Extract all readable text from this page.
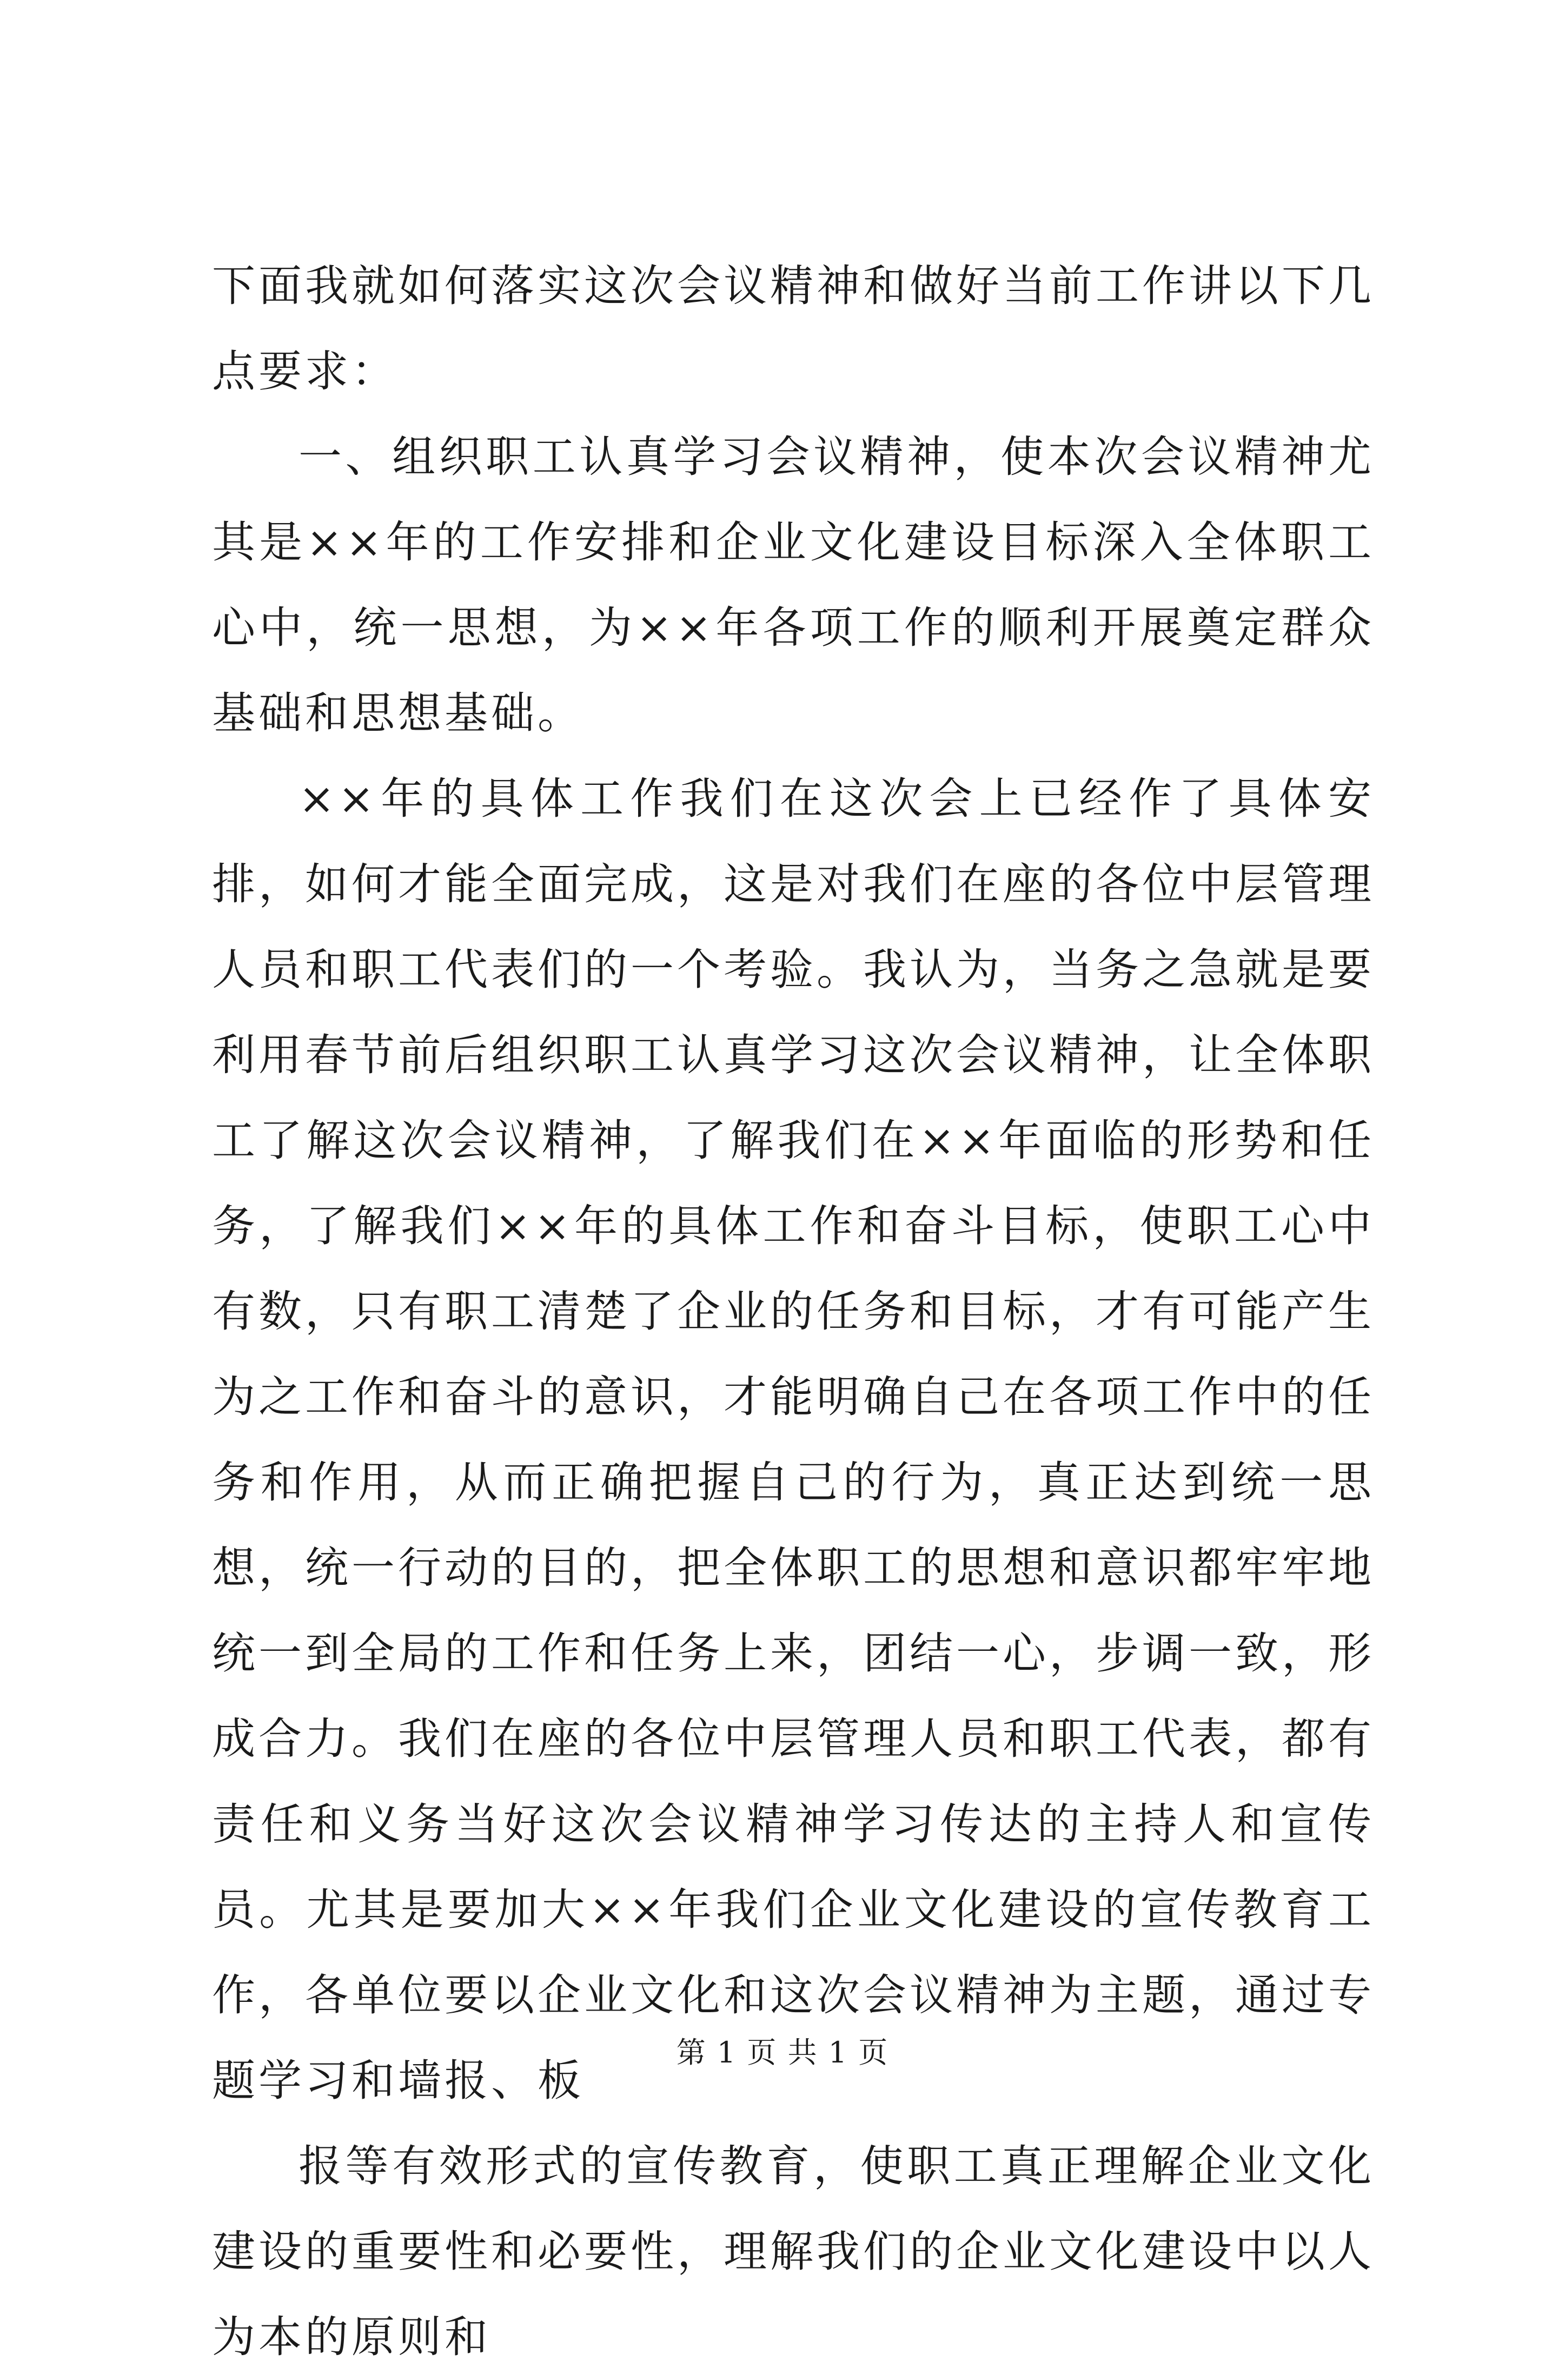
下面我就如何落实这次会议精神和做好当前工作讲以下几点要求：

一、组织职工认真学习会议精神，使本次会议精神尤其是××年的工作安排和企业文化建设目标深入全体职工心中，统一思想，为××年各项工作的顺利开展奠定群众基础和思想基础。

××年的具体工作我们在这次会上已经作了具体安排，如何才能全面完成，这是对我们在座的各位中层管理人员和职工代表们的一个考验。我认为，当务之急就是要利用春节前后组织职工认真学习这次会议精神，让全体职工了解这次会议精神，了解我们在××年面临的形势和任务，了解我们××年的具体工作和奋斗目标，使职工心中有数，只有职工清楚了企业的任务和目标，才有可能产生为之工作和奋斗的意识，才能明确自己在各项工作中的任务和作用，从而正确把握自己的行为，真正达到统一思想，统一行动的目的，把全体职工的思想和意识都牢牢地统一到全局的工作和任务上来，团结一心，步调一致，形成合力。我们在座的各位中层管理人员和职工代表，都有责任和义务当好这次会议精神学习传达的主持人和宣传员。尤其是要加大××年我们企业文化建设的宣传教育工作，各单位要以企业文化和这次会议精神为主题，通过专题学习和墙报、板

报等有效形式的宣传教育，使职工真正理解企业文化建设的重要性和必要性，理解我们的企业文化建设中以人为本的原则和

第 1 页 共 1 页
